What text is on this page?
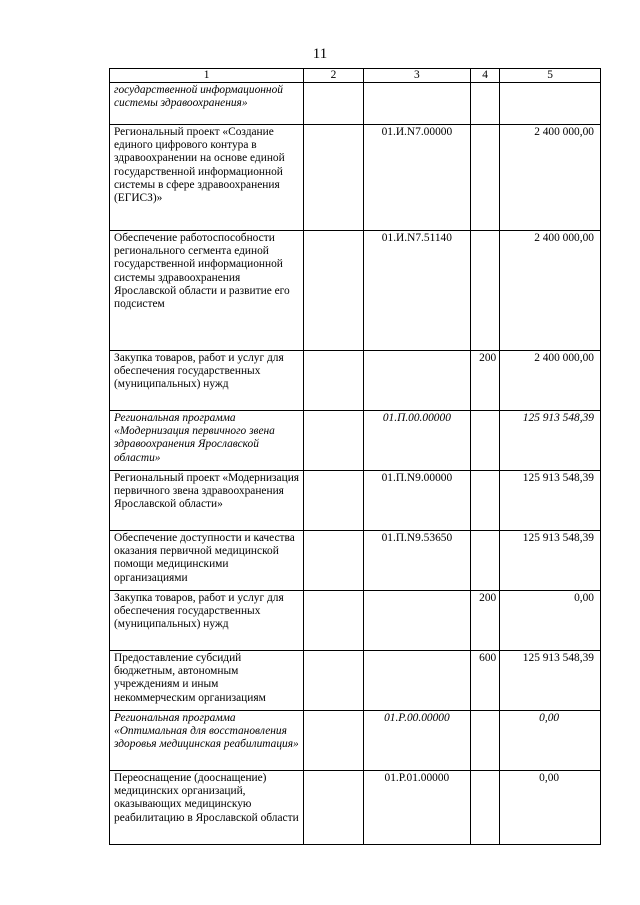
11
1	2	3	4	5
государственной информационной системы здравоохранения»				
Региональный проект «Создание единого цифрового контура в здравоохранении на основе единой государственной информационной системы в сфере здравоохранения (ЕГИСЗ)»		01.И.N7.00000		2 400 000,00
Обеспечение работоспособности регионального сегмента единой государственной информационной системы здравоохранения Ярославской области и развитие его подсистем		01.И.N7.51140		2 400 000,00
Закупка товаров, работ и услуг для обеспечения государственных (муниципальных) нужд			200	2 400 000,00
Региональная программа «Модернизация первичного звена здравоохранения Ярославской области»		01.П.00.00000		125 913 548,39
Региональный проект «Модернизация первичного звена здравоохранения Ярославской области»		01.П.N9.00000		125 913 548,39
Обеспечение доступности и качества оказания первичной медицинской помощи медицинскими организациями		01.П.N9.53650		125 913 548,39
Закупка товаров, работ и услуг для обеспечения государственных (муниципальных) нужд			200	0,00
Предоставление субсидий бюджетным, автономным учреждениям и иным некоммерческим организациям			600	125 913 548,39
Региональная программа «Оптимальная для восстановления здоровья медицинская реабилитация»		01.Р.00.00000		0,00
Переоснащение (дооснащение) медицинских организаций, оказывающих медицинскую реабилитацию в Ярославской области		01.Р.01.00000		0,00
